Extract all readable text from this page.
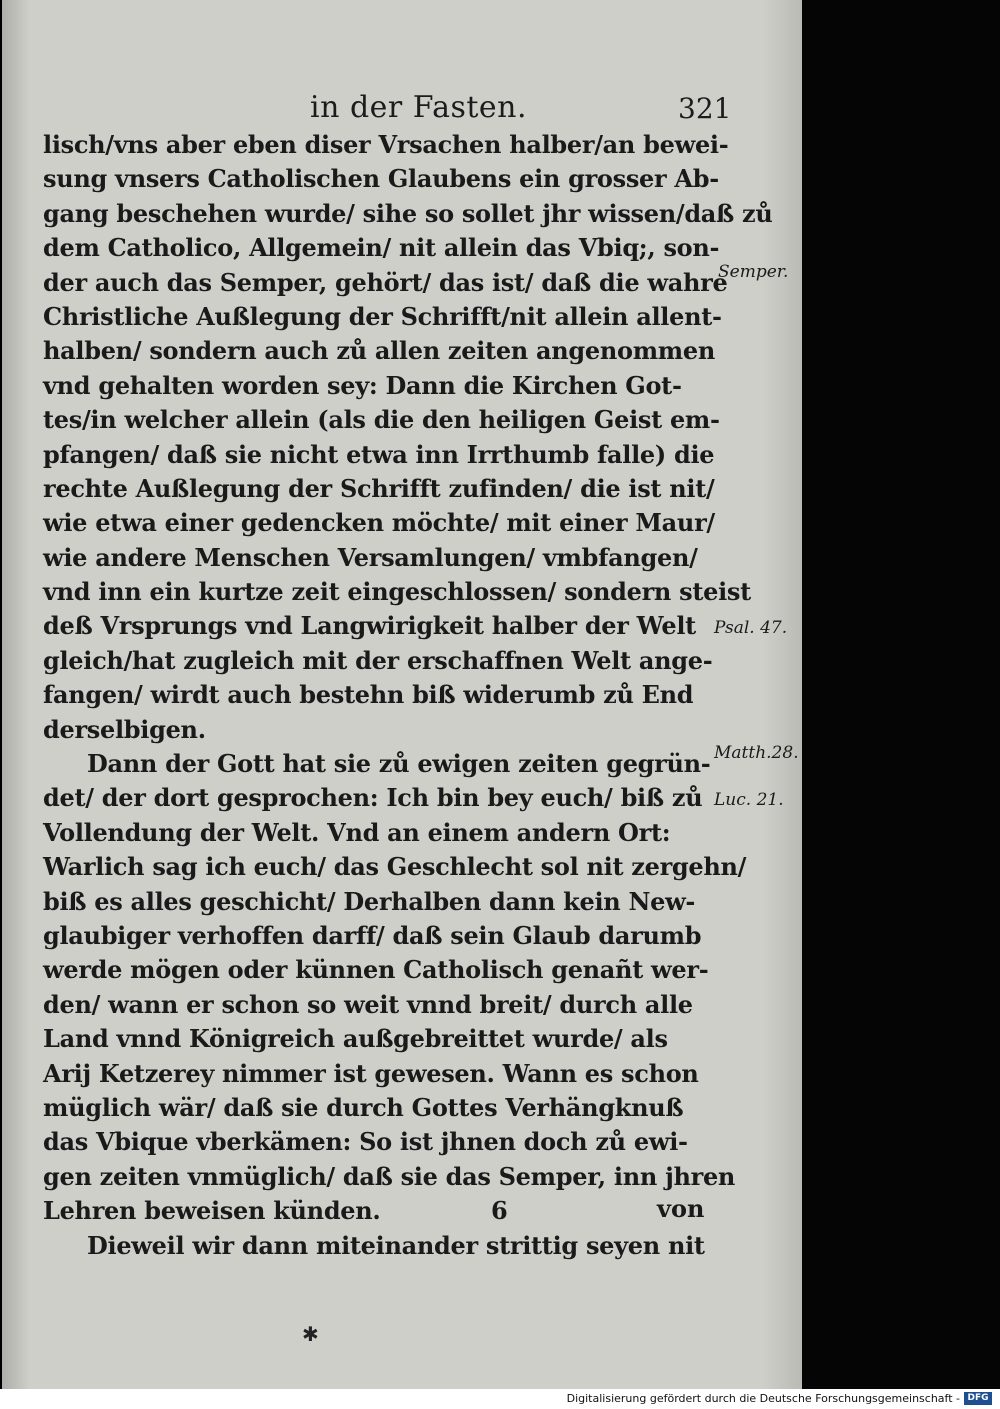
in der Fasten.	321
lisch/vns aber eben diser Vrsachen halber/an bewei-
sung vnsers Catholischen Glaubens ein grosser Ab-
gang beschehen wurde/ sihe so sollet jhr wissen/daß zů
dem Catholico, Allgemein/ nit allein das Vbiq;, son-
der auch das Semper, gehört/ das ist/ daß die wahre
Christliche Außlegung der Schrifft/nit allein allent-
halben/ sondern auch zů allen zeiten angenommen
vnd gehalten worden sey: Dann die Kirchen Got-
tes/in welcher allein (als die den heiligen Geist em-
pfangen/ daß sie nicht etwa inn Irrthumb falle) die
rechte Außlegung der Schrifft zufinden/ die ist nit/
wie etwa einer gedencken möchte/ mit einer Maur/
wie andere Menschen Versamlungen/ vmbfangen/
vnd inn ein kurtze zeit eingeschlossen/ sondern steist
deß Vrsprungs vnd Langwirigkeit halber der Welt
gleich/hat zugleich mit der erschaffnen Welt ange-
fangen/ wirdt auch bestehn biß widerumb zů End
derselbigen.
Dann der Gott hat sie zů ewigen zeiten gegrün-
det/ der dort gesprochen: Ich bin bey euch/ biß zů
Vollendung der Welt. Vnd an einem andern Ort:
Warlich sag ich euch/ das Geschlecht sol nit zergehn/
biß es alles geschicht/ Derhalben dann kein New-
glaubiger verhoffen darff/ daß sein Glaub darumb
werde mögen oder künnen Catholisch genañt wer-
den/ wann er schon so weit vnnd breit/ durch alle
Land vnnd Königreich außgebreittet wurde/ als
Arij Ketzerey nimmer ist gewesen. Wann es schon
müglich wär/ daß sie durch Gottes Verhängknuß
das Vbique vberkämen: So ist jhnen doch zů ewi-
gen zeiten vnmüglich/ daß sie das Semper, inn jhren
Lehren beweisen künden.
Dieweil wir dann miteinander strittig seyen nit
Semper.
Psal. 47.
Matth.28.
Luc. 21.
6	von
✱
Digitalisierung gefördert durch die Deutsche Forschungsgemeinschaft - DFG
